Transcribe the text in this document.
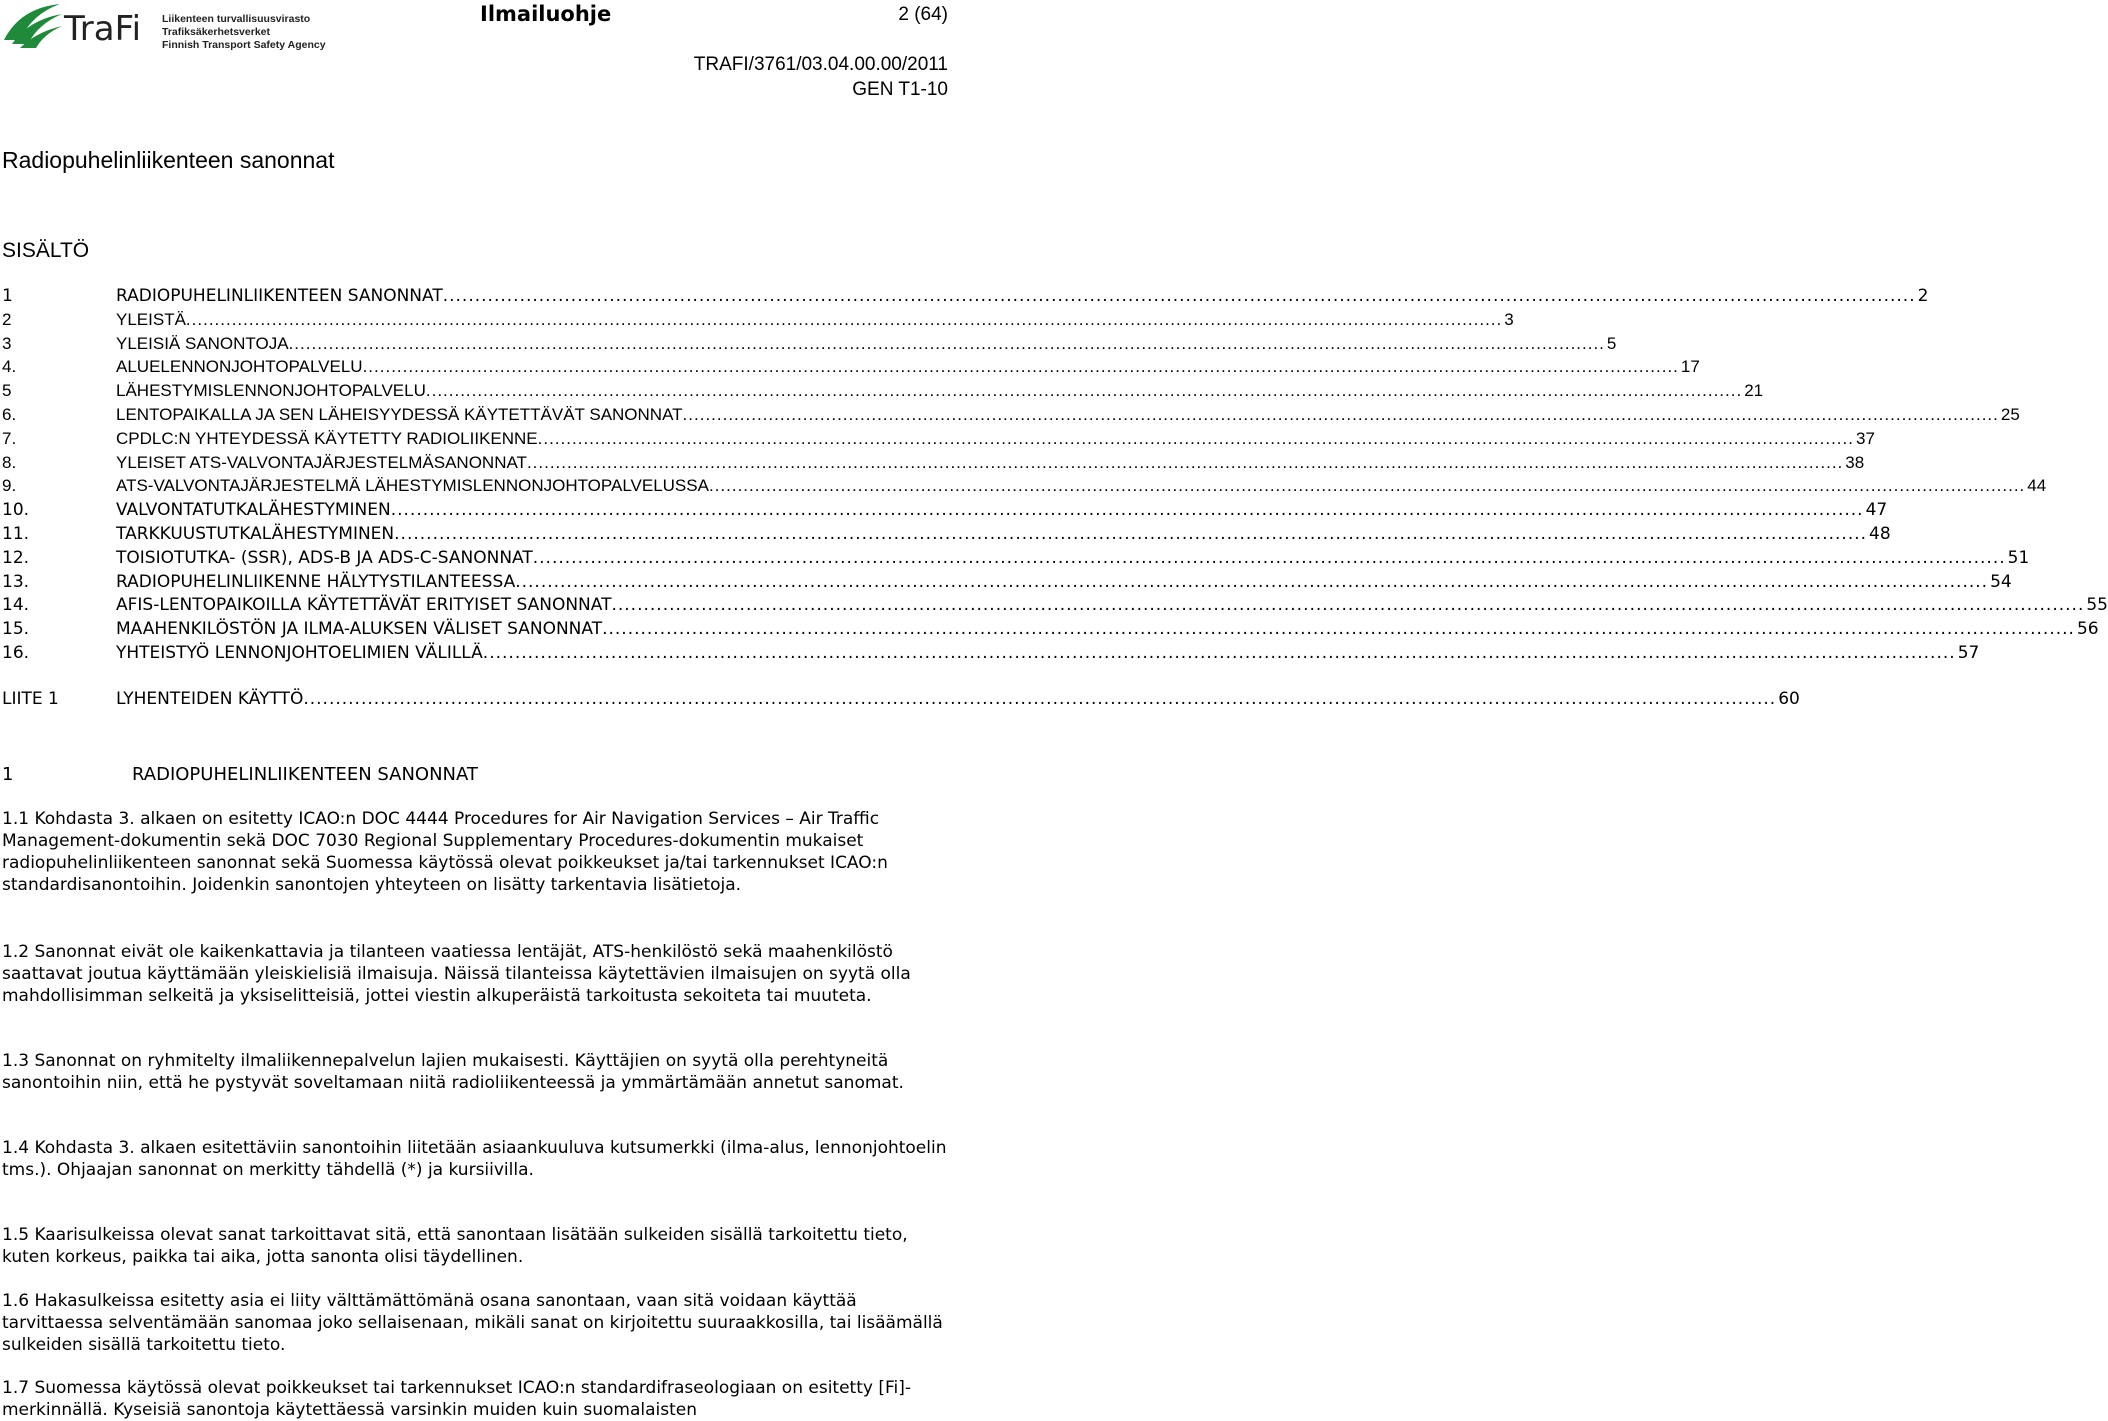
TraFi Liikenteen turvallisuusvirasto
Trafiksäkerhetsverket
Finnish Transport Safety Agency
Ilmailuohje	2 (64)
TRAFI/3761/03.04.00.00/2011
GEN T1-10
Radiopuhelinliikenteen sanonnat
SISÄLTÖ
1	RADIOPUHELINLIIKENTEEN SANONNAT .....	2
2	YLEISTÄ .....	3
3	YLEISIÄ SANONTOJA .....	5
4.	ALUELENNONJOHTOPALVELU .....	17
5	LÄHESTYMISLENNONJOHTOPALVELU .....	21
6.	LENTOPAIKALLA JA SEN LÄHEISYYDESSÄ KÄYTETTÄVÄT SANONNAT .....	25
7.	CPDLC:N YHTEYDESSÄ KÄYTETTY RADIOLIIKENNE .....	37
8.	YLEISET ATS-VALVONTAJÄRJESTELMÄSANONNAT .....	38
9.	ATS-VALVONTAJÄRJESTELMÄ LÄHESTYMISLENNONJOHTOPALVELUSSA .....	44
10.	VALVONTATUTKALÄHESTYMINEN .....	47
11.	TARKKUUSTUTKALÄHESTYMINEN .....	48
12.	TOISIOTUTKA- (SSR), ADS-B JA ADS-C-SANONNAT .....	51
13.	RADIOPUHELINLIIKENNE HÄLYTYSTILANTEESSA .....	54
14.	AFIS-LENTOPAIKOILLA KÄYTETTÄVÄT ERITYISET SANONNAT .....	55
15.	MAAHENKILÖSTÖN JA ILMA-ALUKSEN VÄLISET SANONNAT .....	56
16.	YHTEISTYÖ LENNONJOHTOELIMIEN VÄLILLÄ .....	57
LIITE 1	LYHENTEIDEN KÄYTTÖ .....	60
1	RADIOPUHELINLIIKENTEEN SANONNAT

1.1 Kohdasta 3. alkaen on esitetty ICAO:n DOC 4444 Procedures for Air Navigation Services – Air Traffic Management-dokumentin sekä DOC 7030 Regional Supplementary Procedures-dokumentin mukaiset radiopuhelinliikenteen sanonnat sekä Suomessa käytössä olevat poikkeukset ja/tai tarkennukset ICAO:n standardisanontoihin. Joidenkin sanontojen yhteyteen on lisätty tarkentavia lisätietoja.

1.2 Sanonnat eivät ole kaikenkattavia ja tilanteen vaatiessa lentäjät, ATS-henkilöstö sekä maahenkilöstö saattavat joutua käyttämään yleiskielisiä ilmaisuja. Näissä tilanteissa käytettävien ilmaisujen on syytä olla mahdollisimman selkeitä ja yksiselitteisiä, jottei viestin alkuperäistä tarkoitusta sekoiteta tai muuteta.

1.3 Sanonnat on ryhmitelty ilmaliikennepalvelun lajien mukaisesti. Käyttäjien on syytä olla perehtyneitä sanontoihin niin, että he pystyvät soveltamaan niitä radioliikenteessä ja ymmärtämään annetut sanomat.

1.4 Kohdasta 3. alkaen esitettäviin sanontoihin liitetään asiaankuuluva kutsumerkki (ilma-alus, lennonjohtoelin tms.). Ohjaajan sanonnat on merkitty tähdellä (*) ja kursiivilla.

1.5 Kaarisulkeissa olevat sanat tarkoittavat sitä, että sanontaan lisätään sulkeiden sisällä tarkoitettu tieto, kuten korkeus, paikka tai aika, jotta sanonta olisi täydellinen.

1.6 Hakasulkeissa esitetty asia ei liity välttämättömänä osana sanontaan, vaan sitä voidaan käyttää tarvittaessa selventämään sanomaa joko sellaisenaan, mikäli sanat on kirjoitettu suuraakkosilla, tai lisäämällä sulkeiden sisällä tarkoitettu tieto.

1.7 Suomessa käytössä olevat poikkeukset tai tarkennukset ICAO:n standardifraseologiaan on esitetty [Fi]-merkinnällä. Kyseisiä sanontoja käytettäessä varsinkin muiden kuin suomalaisten
